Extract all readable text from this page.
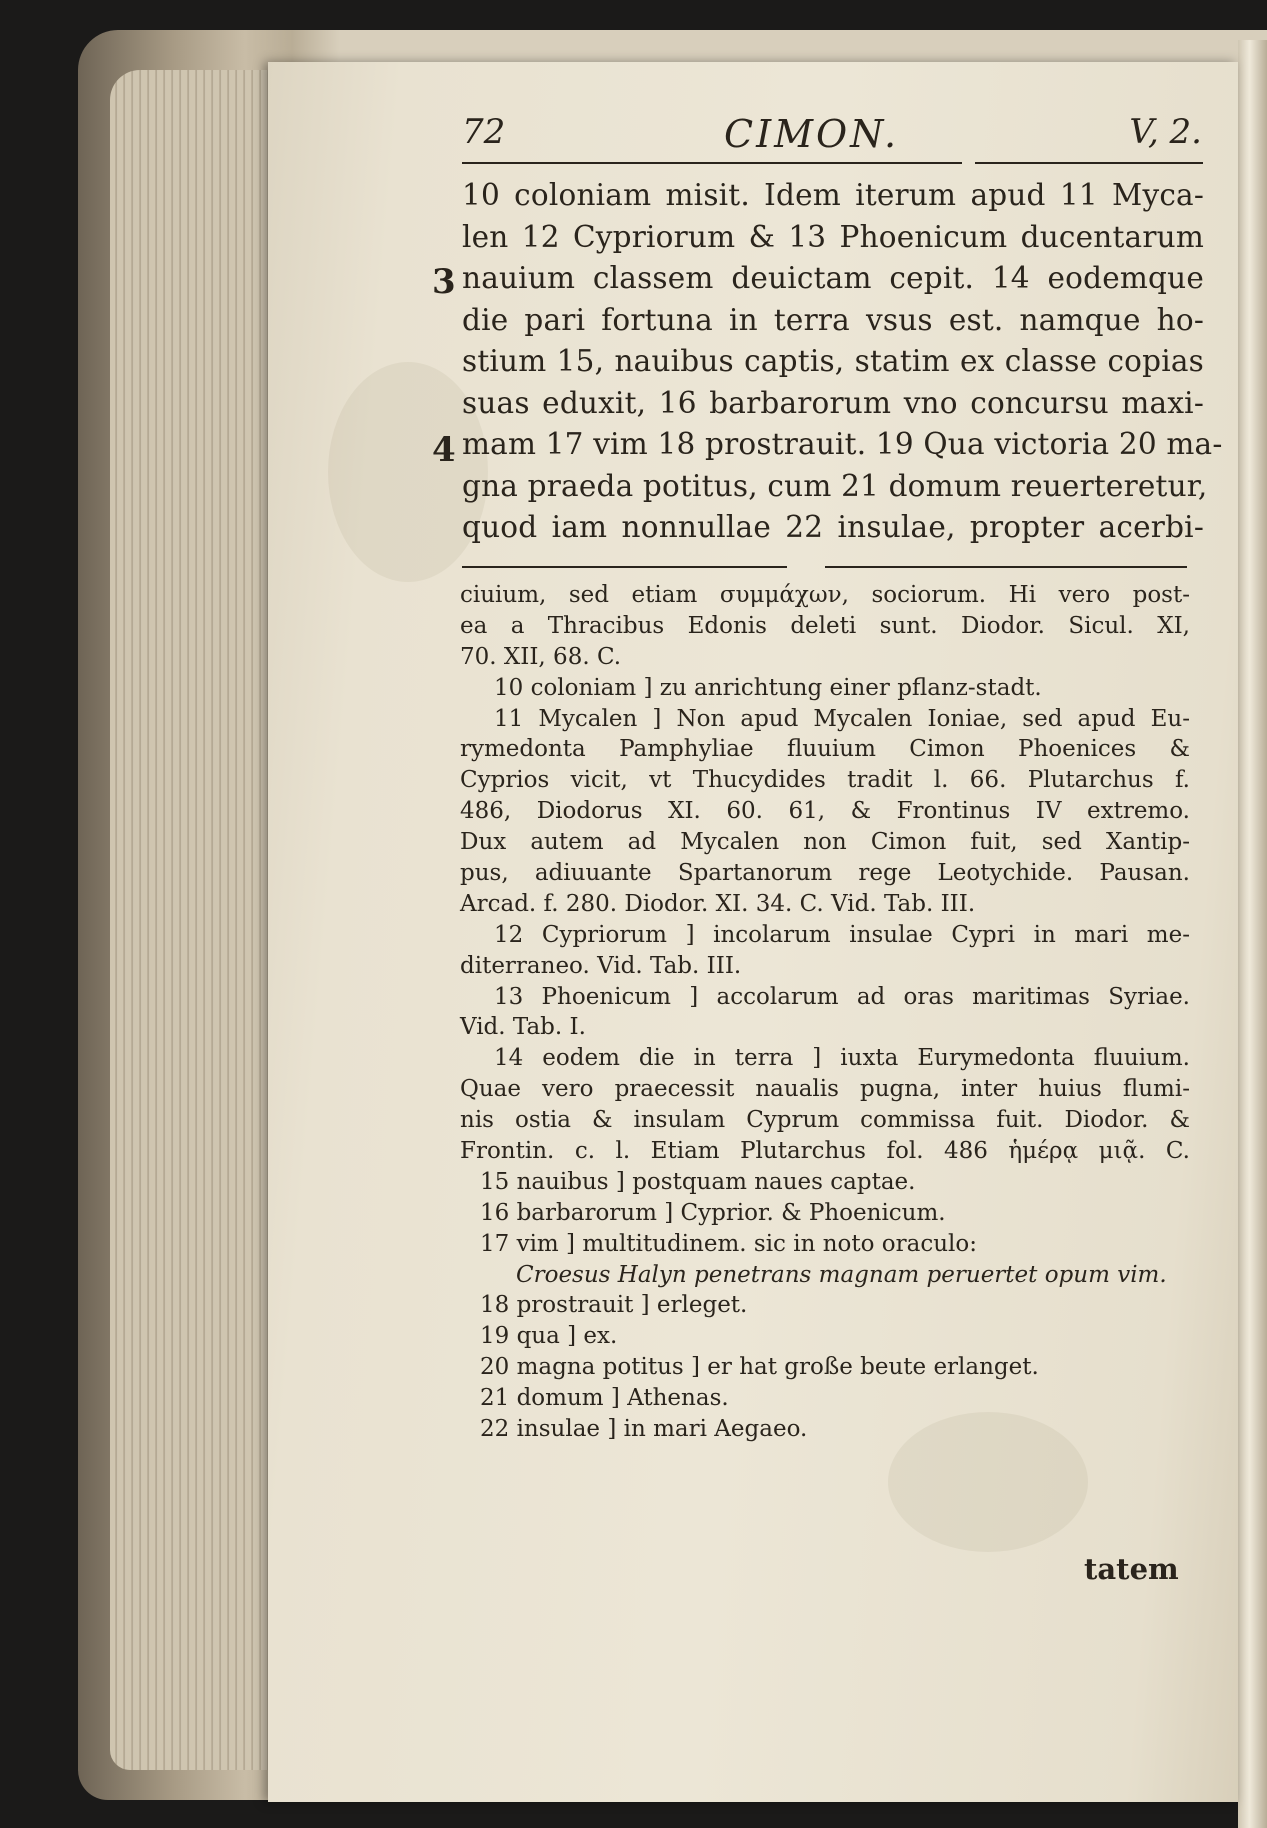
72	CIMON.	V, 2.
3
4
10 coloniam misit. Idem iterum apud 11 Myca-
len 12 Cypriorum & 13 Phoenicum ducentarum
nauium classem deuictam cepit. 14 eodemque
die pari fortuna in terra vsus est. namque ho-
stium 15, nauibus captis, statim ex classe copias
suas eduxit, 16 barbarorum vno concursu maxi-
mam 17 vim 18 prostrauit. 19 Qua victoria 20 ma-
gna praeda potitus, cum 21 domum reuerteretur,
quod iam nonnullae 22 insulae, propter acerbi-
ciuium, sed etiam συμμάχων, sociorum. Hi vero post-
ea a Thracibus Edonis deleti sunt. Diodor. Sicul. XI,
70. XII, 68. C.
10 coloniam ] zu anrichtung einer pflanz-stadt.
11 Mycalen ] Non apud Mycalen Ioniae, sed apud Eu-
rymedonta Pamphyliae fluuium Cimon Phoenices &
Cyprios vicit, vt Thucydides tradit l. 66. Plutarchus f.
486, Diodorus XI. 60. 61, & Frontinus IV extremo.
Dux autem ad Mycalen non Cimon fuit, sed Xantip-
pus, adiuuante Spartanorum rege Leotychide. Pausan.
Arcad. f. 280. Diodor. XI. 34. C. Vid. Tab. III.
12 Cypriorum ] incolarum insulae Cypri in mari me-
diterraneo. Vid. Tab. III.
13 Phoenicum ] accolarum ad oras maritimas Syriae.
Vid. Tab. I.
14 eodem die in terra ] iuxta Eurymedonta fluuium.
Quae vero praecessit naualis pugna, inter huius flumi-
nis ostia & insulam Cyprum commissa fuit. Diodor. &
Frontin. c. l. Etiam Plutarchus fol. 486 ἡμέρᾳ μιᾷ. C.
15 nauibus ] postquam naues captae.
16 barbarorum ] Cyprior. & Phoenicum.
17 vim ] multitudinem. sic in noto oraculo:
Croesus Halyn penetrans magnam peruertet opum vim.
18 prostrauit ] erleget.
19 qua ] ex.
20 magna potitus ] er hat große beute erlanget.
21 domum ] Athenas.
22 insulae ] in mari Aegaeo.
tatem
